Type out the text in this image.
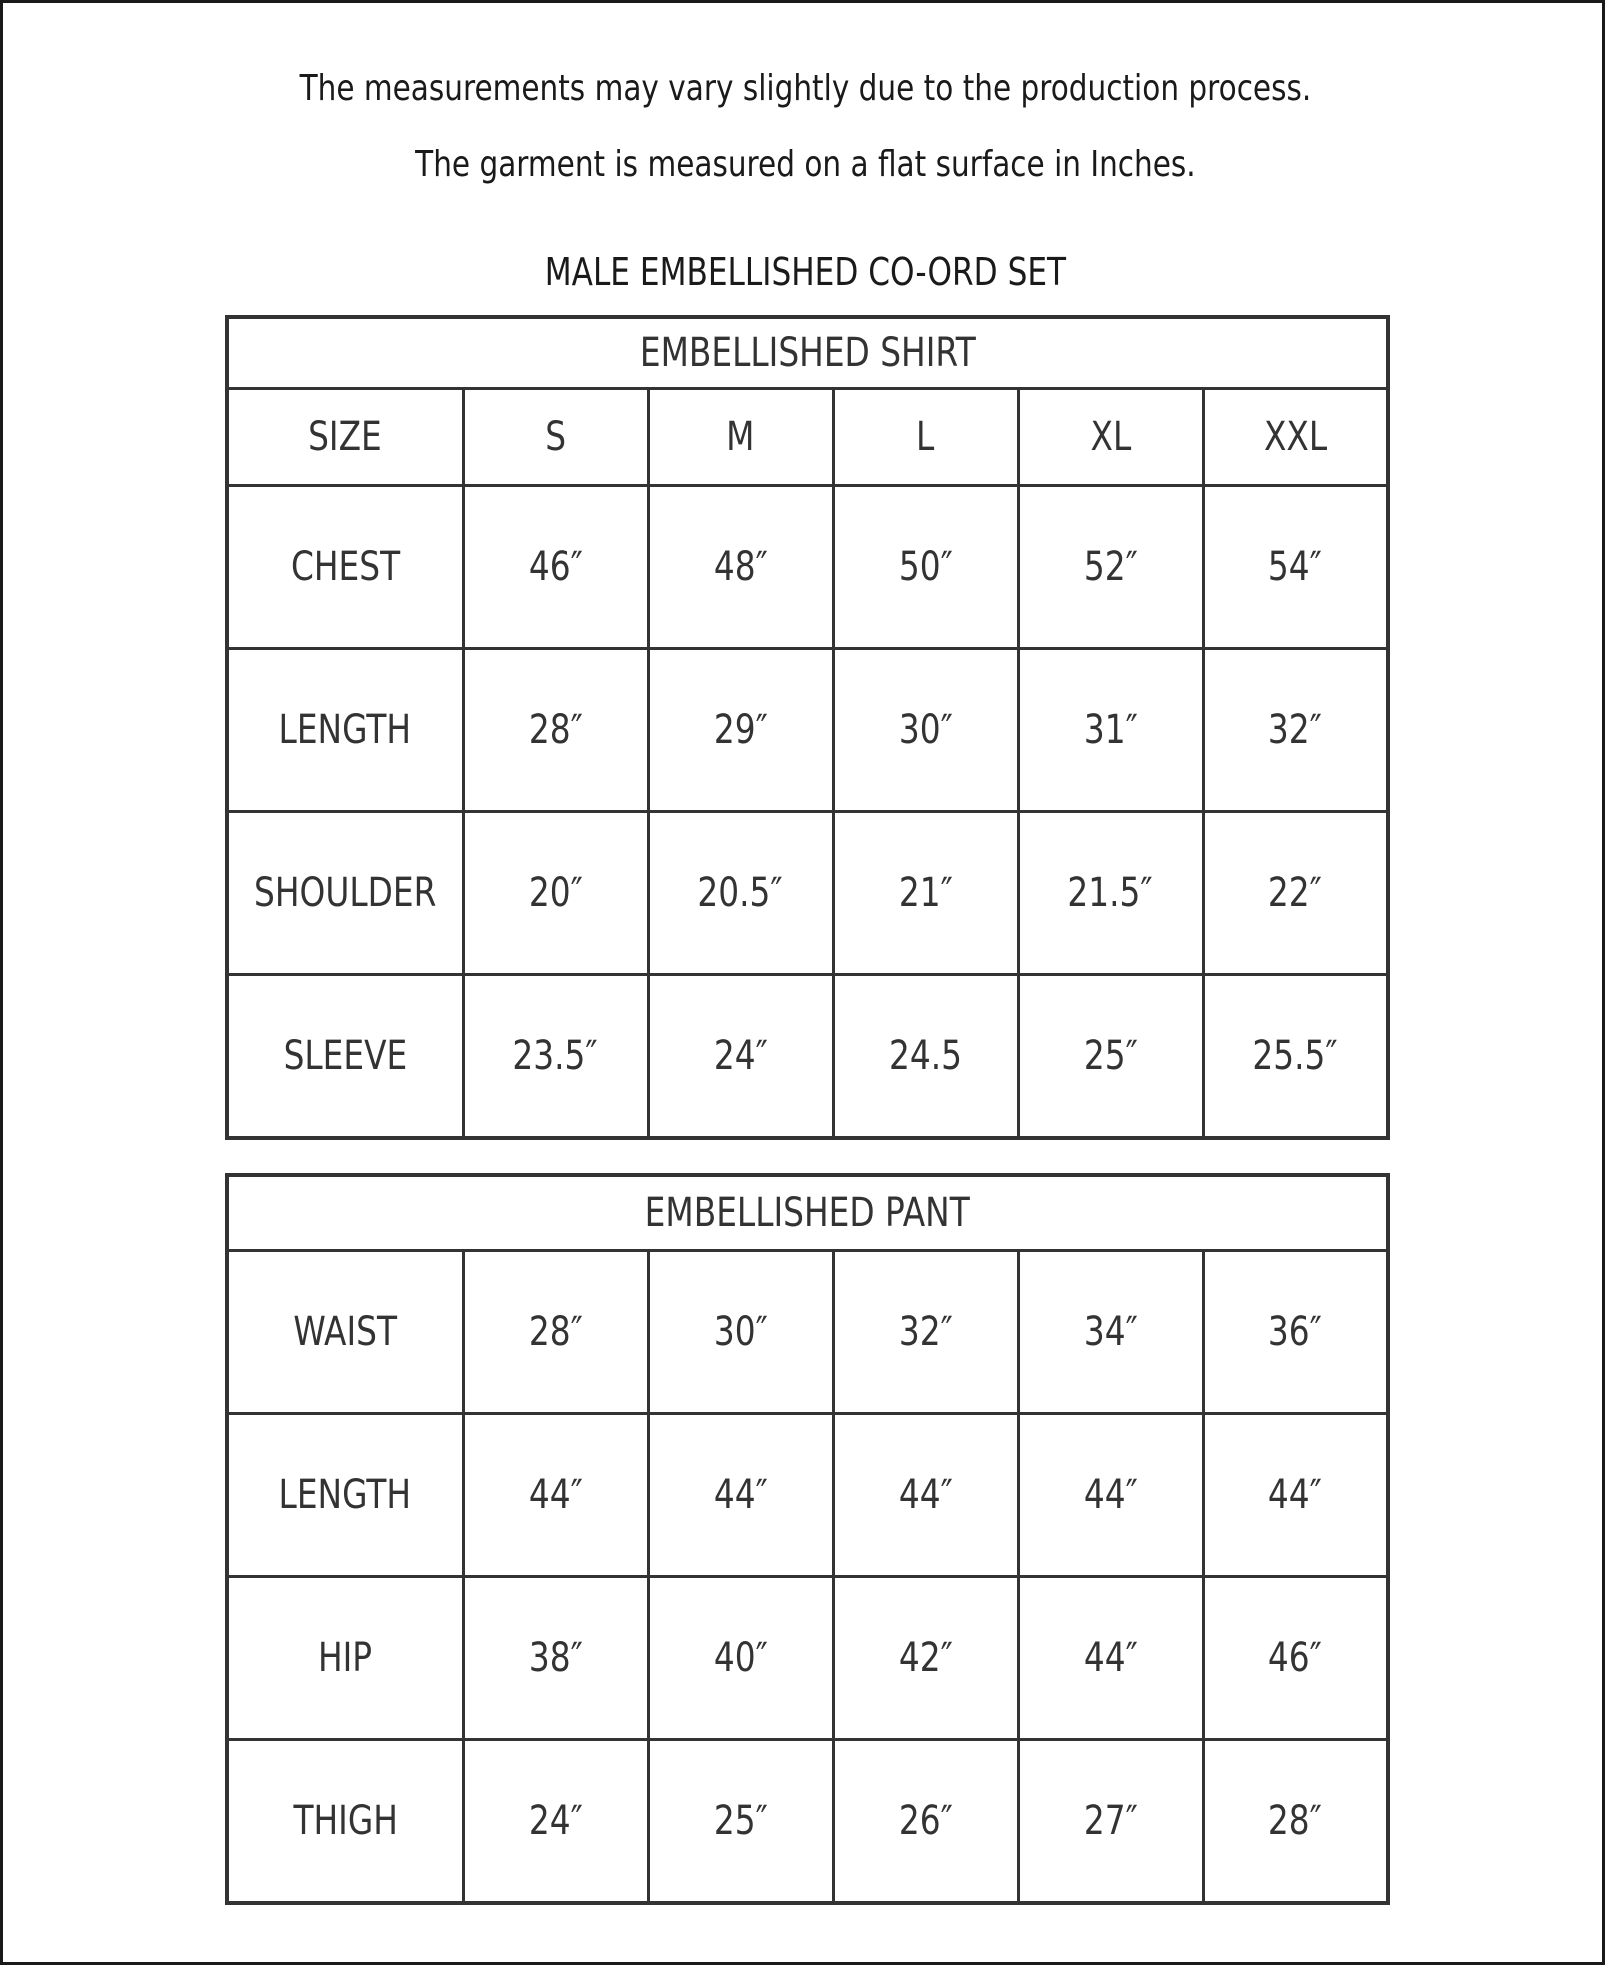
The measurements may vary slightly due to the production process.
The garment is measured on a flat surface in Inches.
MALE EMBELLISHED CO-ORD SET
EMBELLISHED SHIRT					
SIZE	S	M	L	XL	XXL
CHEST	46″	48″	50″	52″	54″
LENGTH	28″	29″	30″	31″	32″
SHOULDER	20″	20.5″	21″	21.5″	22″
SLEEVE	23.5″	24″	24.5	25″	25.5″
EMBELLISHED PANT					
WAIST	28″	30″	32″	34″	36″
LENGTH	44″	44″	44″	44″	44″
HIP	38″	40″	42″	44″	46″
THIGH	24″	25″	26″	27″	28″
